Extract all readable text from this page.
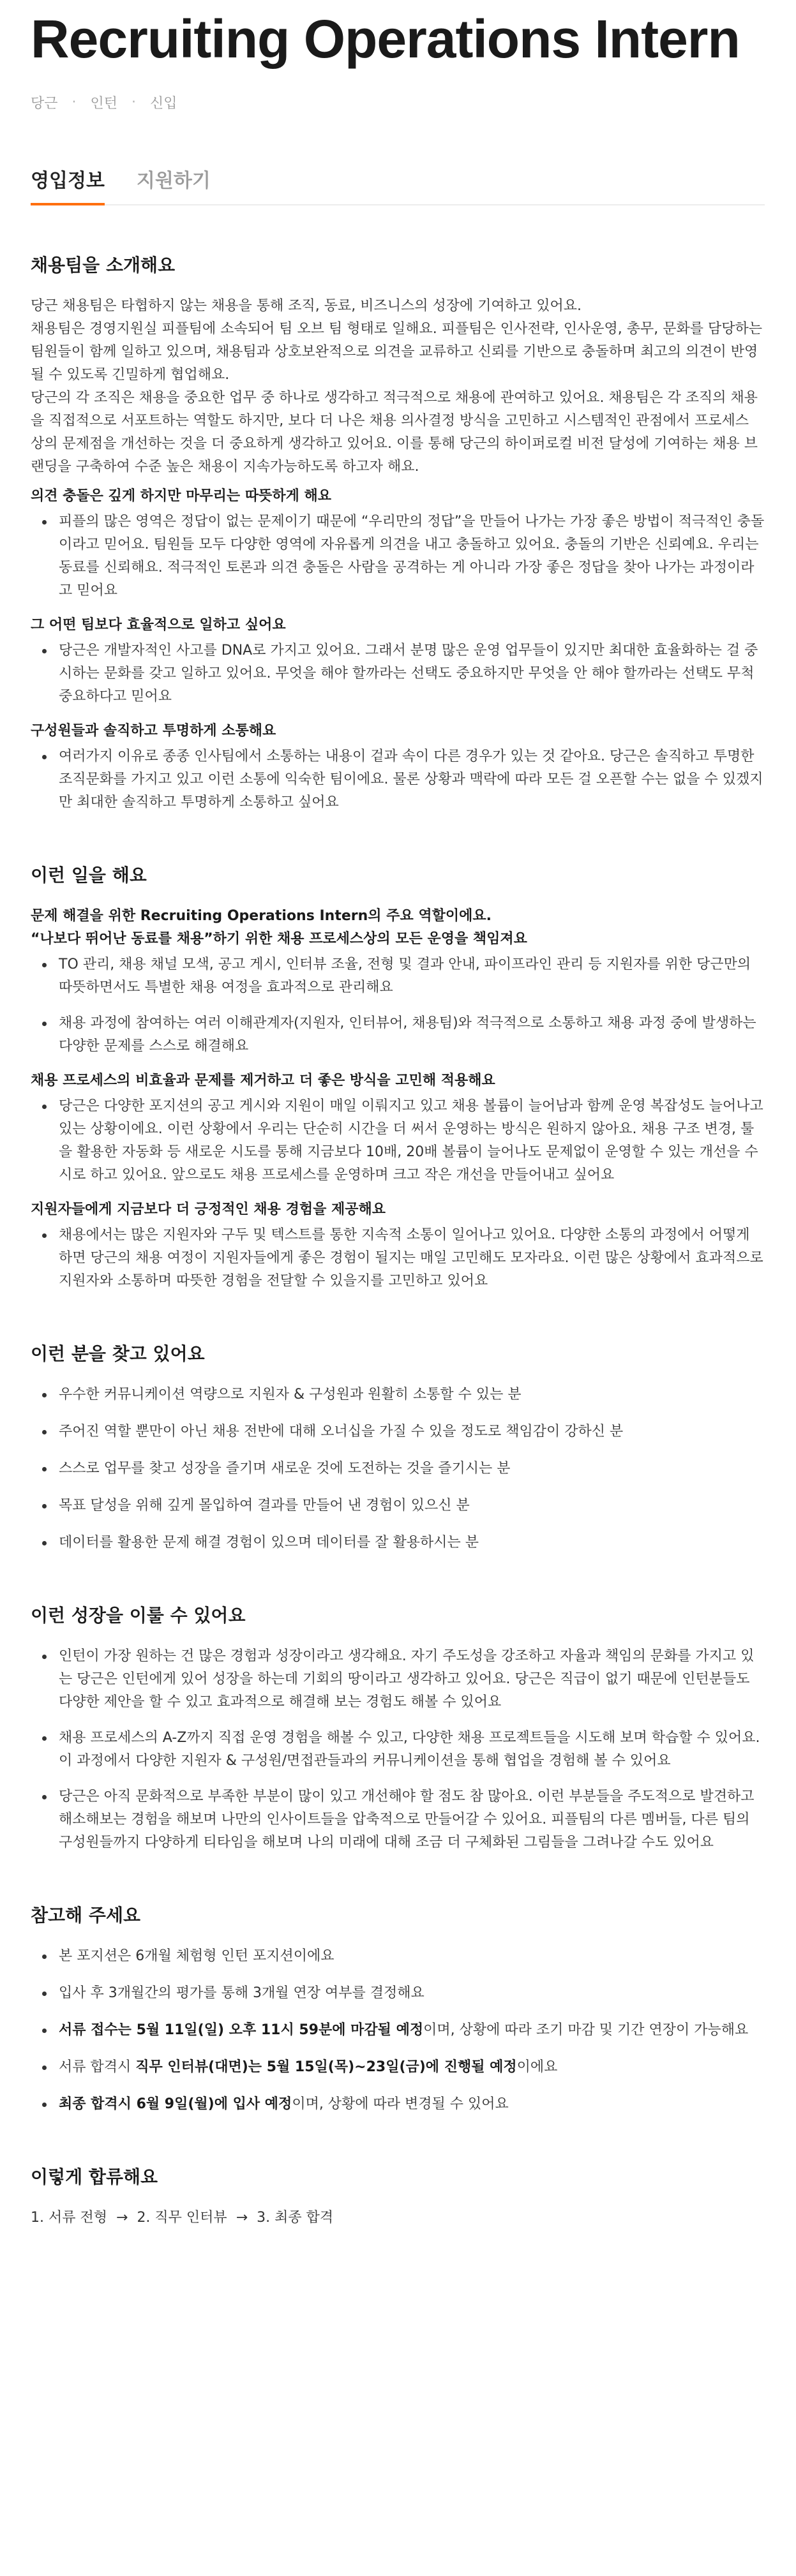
Recruiting Operations Intern
당근 · 인턴 · 신입
영입정보 지원하기
채용팀을 소개해요

당근 채용팀은 타협하지 않는 채용을 통해 조직, 동료, 비즈니스의 성장에 기여하고 있어요.

채용팀은 경영지원실 피플팀에 소속되어 팀 오브 팀 형태로 일해요. 피플팀은 인사전략, 인사운영, 총무, 문화를 담당하는 팀원들이 함께 일하고 있으며, 채용팀과 상호보완적으로 의견을 교류하고 신뢰를 기반으로 충돌하며 최고의 의견이 반영될 수 있도록 긴밀하게 협업해요.

당근의 각 조직은 채용을 중요한 업무 중 하나로 생각하고 적극적으로 채용에 관여하고 있어요. 채용팀은 각 조직의 채용을 직접적으로 서포트하는 역할도 하지만, 보다 더 나은 채용 의사결정 방식을 고민하고 시스템적인 관점에서 프로세스 상의 문제점을 개선하는 것을 더 중요하게 생각하고 있어요. 이를 통해 당근의 하이퍼로컬 비전 달성에 기여하는 채용 브랜딩을 구축하여 수준 높은 채용이 지속가능하도록 하고자 해요.

의견 충돌은 깊게 하지만 마무리는 따뜻하게 해요
피플의 많은 영역은 정답이 없는 문제이기 때문에 “우리만의 정답”을 만들어 나가는 가장 좋은 방법이 적극적인 충돌이라고 믿어요. 팀원들 모두 다양한 영역에 자유롭게 의견을 내고 충돌하고 있어요. 충돌의 기반은 신뢰예요. 우리는 동료를 신뢰해요. 적극적인 토론과 의견 충돌은 사람을 공격하는 게 아니라 가장 좋은 정답을 찾아 나가는 과정이라고 믿어요
그 어떤 팀보다 효율적으로 일하고 싶어요
당근은 개발자적인 사고를 DNA로 가지고 있어요. 그래서 분명 많은 운영 업무들이 있지만 최대한 효율화하는 걸 중시하는 문화를 갖고 일하고 있어요. 무엇을 해야 할까라는 선택도 중요하지만 무엇을 안 해야 할까라는 선택도 무척 중요하다고 믿어요
구성원들과 솔직하고 투명하게 소통해요
여러가지 이유로 종종 인사팀에서 소통하는 내용이 겉과 속이 다른 경우가 있는 것 같아요. 당근은 솔직하고 투명한 조직문화를 가지고 있고 이런 소통에 익숙한 팀이에요. 물론 상황과 맥락에 따라 모든 걸 오픈할 수는 없을 수 있겠지만 최대한 솔직하고 투명하게 소통하고 싶어요
이런 일을 해요
문제 해결을 위한 Recruiting Operations Intern의 주요 역할이에요.
“나보다 뛰어난 동료를 채용”하기 위한 채용 프로세스상의 모든 운영을 책임져요
TO 관리, 채용 채널 모색, 공고 게시, 인터뷰 조율, 전형 및 결과 안내, 파이프라인 관리 등 지원자를 위한 당근만의 따뜻하면서도 특별한 채용 여정을 효과적으로 관리해요
채용 과정에 참여하는 여러 이해관계자(지원자, 인터뷰어, 채용팀)와 적극적으로 소통하고 채용 과정 중에 발생하는 다양한 문제를 스스로 해결해요
채용 프로세스의 비효율과 문제를 제거하고 더 좋은 방식을 고민해 적용해요
당근은 다양한 포지션의 공고 게시와 지원이 매일 이뤄지고 있고 채용 볼륨이 늘어남과 함께 운영 복잡성도 늘어나고 있는 상황이에요. 이런 상황에서 우리는 단순히 시간을 더 써서 운영하는 방식은 원하지 않아요. 채용 구조 변경, 툴을 활용한 자동화 등 새로운 시도를 통해 지금보다 10배, 20배 볼륨이 늘어나도 문제없이 운영할 수 있는 개선을 수시로 하고 있어요. 앞으로도 채용 프로세스를 운영하며 크고 작은 개선을 만들어내고 싶어요
지원자들에게 지금보다 더 긍정적인 채용 경험을 제공해요
채용에서는 많은 지원자와 구두 및 텍스트를 통한 지속적 소통이 일어나고 있어요. 다양한 소통의 과정에서 어떻게 하면 당근의 채용 여정이 지원자들에게 좋은 경험이 될지는 매일 고민해도 모자라요. 이런 많은 상황에서 효과적으로 지원자와 소통하며 따뜻한 경험을 전달할 수 있을지를 고민하고 있어요
이런 분을 찾고 있어요
우수한 커뮤니케이션 역량으로 지원자 & 구성원과 원활히 소통할 수 있는 분
주어진 역할 뿐만이 아닌 채용 전반에 대해 오너십을 가질 수 있을 정도로 책임감이 강하신 분
스스로 업무를 찾고 성장을 즐기며 새로운 것에 도전하는 것을 즐기시는 분
목표 달성을 위해 깊게 몰입하여 결과를 만들어 낸 경험이 있으신 분
데이터를 활용한 문제 해결 경험이 있으며 데이터를 잘 활용하시는 분
이런 성장을 이룰 수 있어요
인턴이 가장 원하는 건 많은 경험과 성장이라고 생각해요. 자기 주도성을 강조하고 자율과 책임의 문화를 가지고 있는 당근은 인턴에게 있어 성장을 하는데 기회의 땅이라고 생각하고 있어요. 당근은 직급이 없기 때문에 인턴분들도 다양한 제안을 할 수 있고 효과적으로 해결해 보는 경험도 해볼 수 있어요
채용 프로세스의 A-Z까지 직접 운영 경험을 해볼 수 있고, 다양한 채용 프로젝트들을 시도해 보며 학습할 수 있어요. 이 과정에서 다양한 지원자 & 구성원/면접관들과의 커뮤니케이션을 통해 협업을 경험해 볼 수 있어요
당근은 아직 문화적으로 부족한 부분이 많이 있고 개선해야 할 점도 참 많아요. 이런 부분들을 주도적으로 발견하고 해소해보는 경험을 해보며 나만의 인사이트들을 압축적으로 만들어갈 수 있어요. 피플팀의 다른 멤버들, 다른 팀의 구성원들까지 다양하게 티타임을 해보며 나의 미래에 대해 조금 더 구체화된 그림들을 그려나갈 수도 있어요
참고해 주세요
본 포지션은 6개월 체험형 인턴 포지션이에요
입사 후 3개월간의 평가를 통해 3개월 연장 여부를 결정해요
서류 접수는 5월 11일(일) 오후 11시 59분에 마감될 예정이며, 상황에 따라 조기 마감 및 기간 연장이 가능해요
서류 합격시 직무 인터뷰(대면)는 5월 15일(목)~23일(금)에 진행될 예정이에요
최종 합격시 6월 9일(월)에 입사 예정이며, 상황에 따라 변경될 수 있어요
이렇게 합류해요
1. 서류 전형 → 2. 직무 인터뷰 → 3. 최종 합격
